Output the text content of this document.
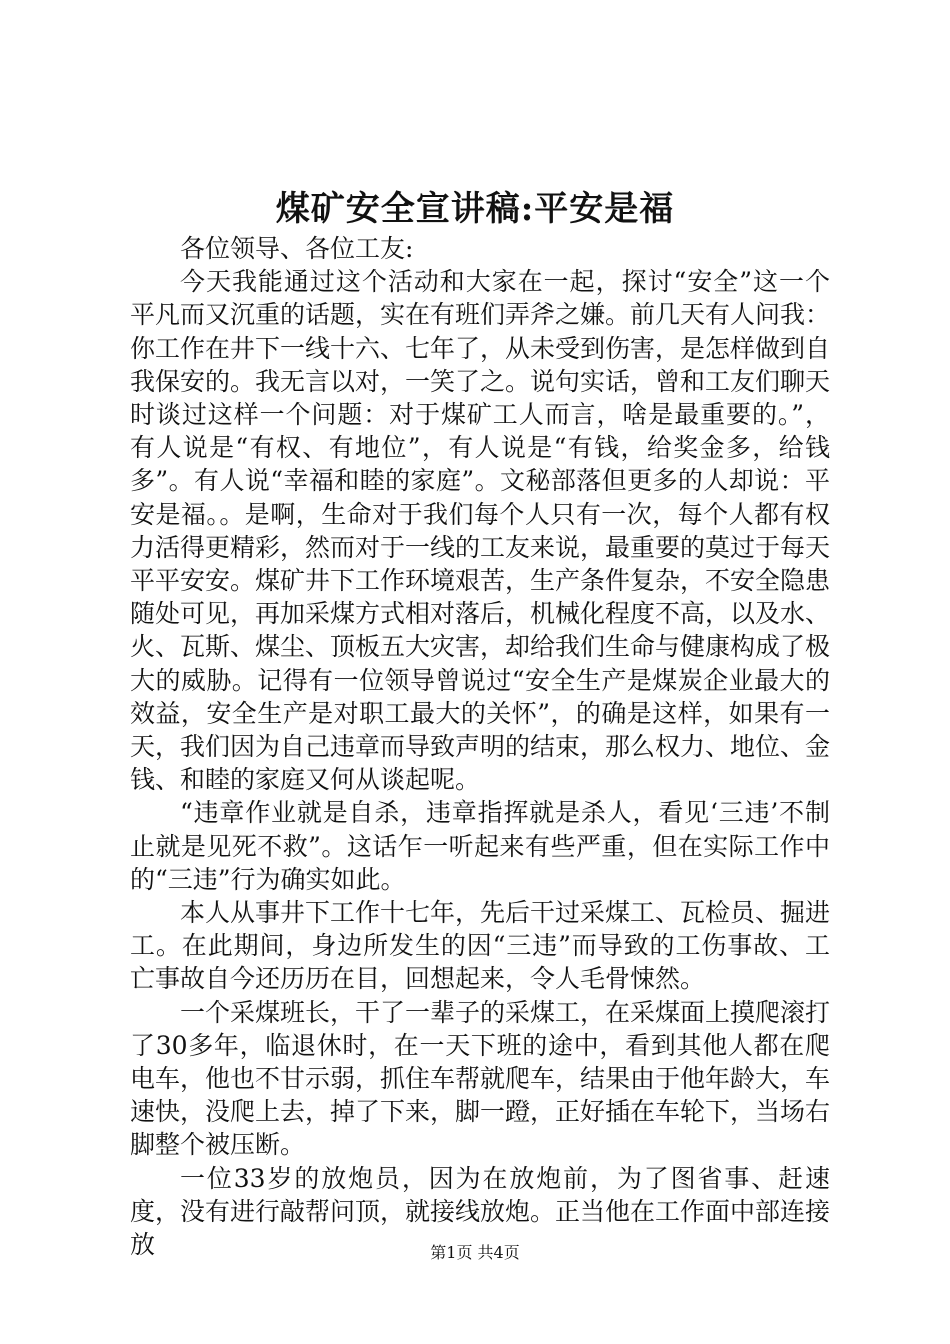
煤矿安全宣讲稿:平安是福

各位领导、各位工友:

今天我能通过这个活动和大家在一起，探讨“安全”这一个平凡而又沉重的话题，实在有班们弄斧之嫌。前几天有人问我：你工作在井下一线十六、七年了，从未受到伤害，是怎样做到自我保安的。我无言以对，一笑了之。说句实话，曾和工友们聊天时谈过这样一个问题：对于煤矿工人而言，啥是最重要的。”，有人说是“有权、有地位”，有人说是“有钱，给奖金多，给钱多”。有人说“幸福和睦的家庭”。文秘部落但更多的人却说：平安是福。。是啊，生命对于我们每个人只有一次，每个人都有权力活得更精彩，然而对于一线的工友来说，最重要的莫过于每天平平安安。煤矿井下工作环境艰苦，生产条件复杂，不安全隐患随处可见，再加采煤方式相对落后，机械化程度不高，以及水、火、瓦斯、煤尘、顶板五大灾害，却给我们生命与健康构成了极大的威胁。记得有一位领导曾说过“安全生产是煤炭企业最大的效益，安全生产是对职工最大的关怀”，的确是这样，如果有一天，我们因为自己违章而导致声明的结束，那么权力、地位、金钱、和睦的家庭又何从谈起呢。

“违章作业就是自杀，违章指挥就是杀人，看见‘三违’不制止就是见死不救”。这话乍一听起来有些严重，但在实际工作中的“三违”行为确实如此。

本人从事井下工作十七年，先后干过采煤工、瓦检员、掘进工。在此期间，身边所发生的因“三违”而导致的工伤事故、工亡事故自今还历历在目，回想起来，令人毛骨悚然。

一个采煤班长，干了一辈子的采煤工，在采煤面上摸爬滚打了30多年，临退休时，在一天下班的途中，看到其他人都在爬电车，他也不甘示弱，抓住车帮就爬车，结果由于他年龄大，车速快，没爬上去，掉了下来，脚一蹬，正好插在车轮下，当场右脚整个被压断。

一位33岁的放炮员，因为在放炮前，为了图省事、赶速度，没有进行敲帮问顶，就接线放炮。正当他在工作面中部连接放	第1页 共4页
